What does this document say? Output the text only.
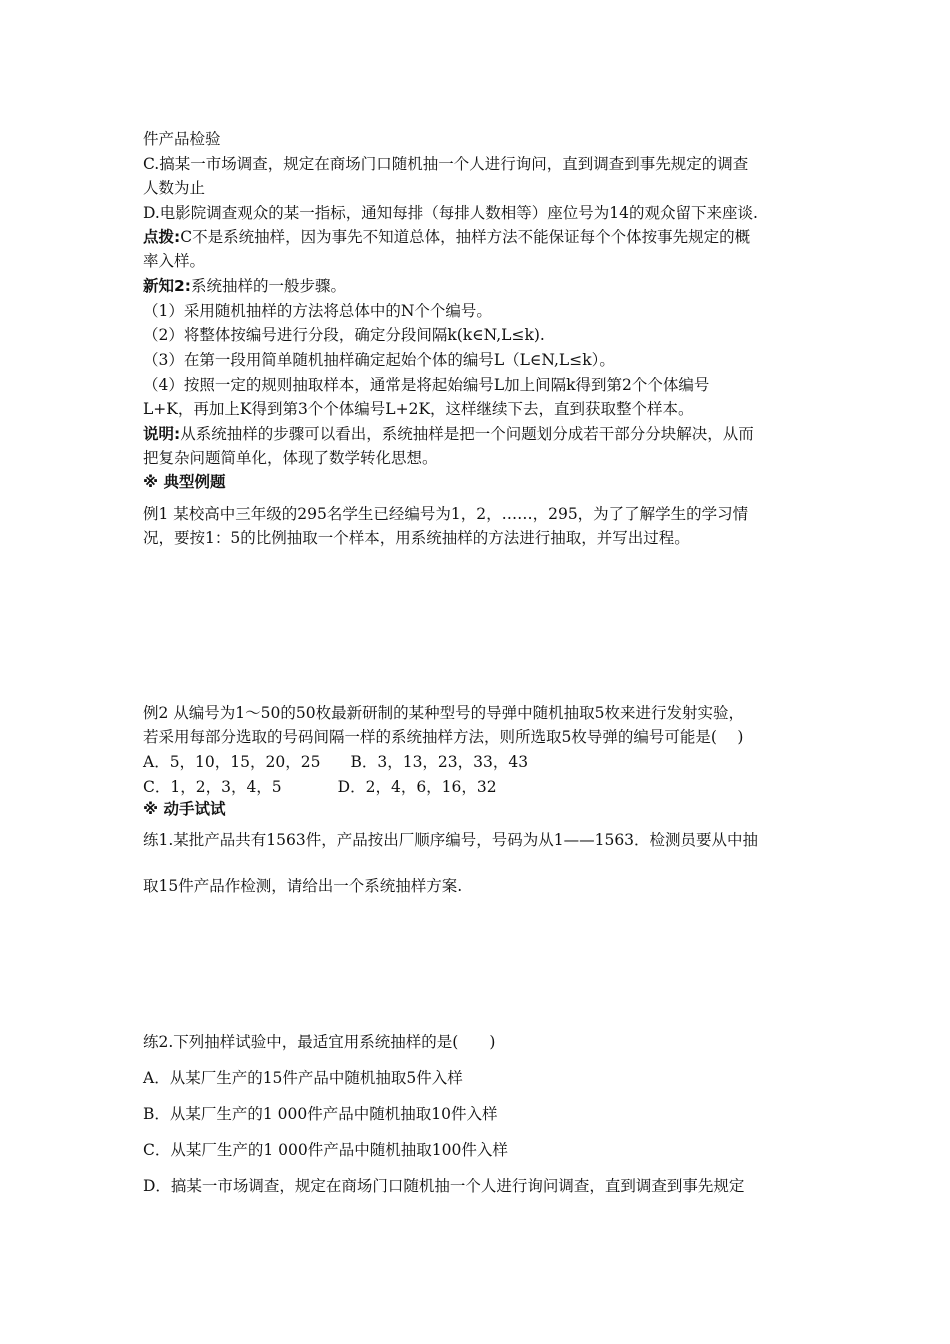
件产品检验
C.搞某一市场调查，规定在商场门口随机抽一个人进行询问，直到调查到事先规定的调查
人数为止
D.电影院调查观众的某一指标，通知每排（每排人数相等）座位号为14的观众留下来座谈.
点拨:C不是系统抽样，因为事先不知道总体，抽样方法不能保证每个个体按事先规定的概
率入样。
新知2:系统抽样的一般步骤。
（1）采用随机抽样的方法将总体中的N个个编号。
（2）将整体按编号进行分段，确定分段间隔k(k∈N,L≤k).
（3）在第一段用简单随机抽样确定起始个体的编号L（L∈N,L≤k）。
（4）按照一定的规则抽取样本，通常是将起始编号L加上间隔k得到第2个个体编号
L+K，再加上K得到第3个个体编号L+2K，这样继续下去，直到获取整个样本。
说明:从系统抽样的步骤可以看出，系统抽样是把一个问题划分成若干部分分块解决，从而
把复杂问题简单化，体现了数学转化思想。
※ 典型例题
例1 某校高中三年级的295名学生已经编号为1，2，……，295，为了了解学生的学习情
况，要按1：5的比例抽取一个样本，用系统抽样的方法进行抽取，并写出过程。
例2 从编号为1～50的50枚最新研制的某种型号的导弹中随机抽取5枚来进行发射实验，
若采用每部分选取的号码间隔一样的系统抽样方法，则所选取5枚导弹的编号可能是(　 )
A．5，10，15，20，25 B．3，13，23，33，43
C．1，2，3，4，5	D．2，4，6，16，32
※ 动手试试
练1.某批产品共有1563件，产品按出厂顺序编号，号码为从1——1563．检测员要从中抽
取15件产品作检测，请给出一个系统抽样方案.
练2.下列抽样试验中，最适宜用系统抽样的是(　　)
A．从某厂生产的15件产品中随机抽取5件入样
B．从某厂生产的1 000件产品中随机抽取10件入样
C．从某厂生产的1 000件产品中随机抽取100件入样
D．搞某一市场调查，规定在商场门口随机抽一个人进行询问调查，直到调查到事先规定
